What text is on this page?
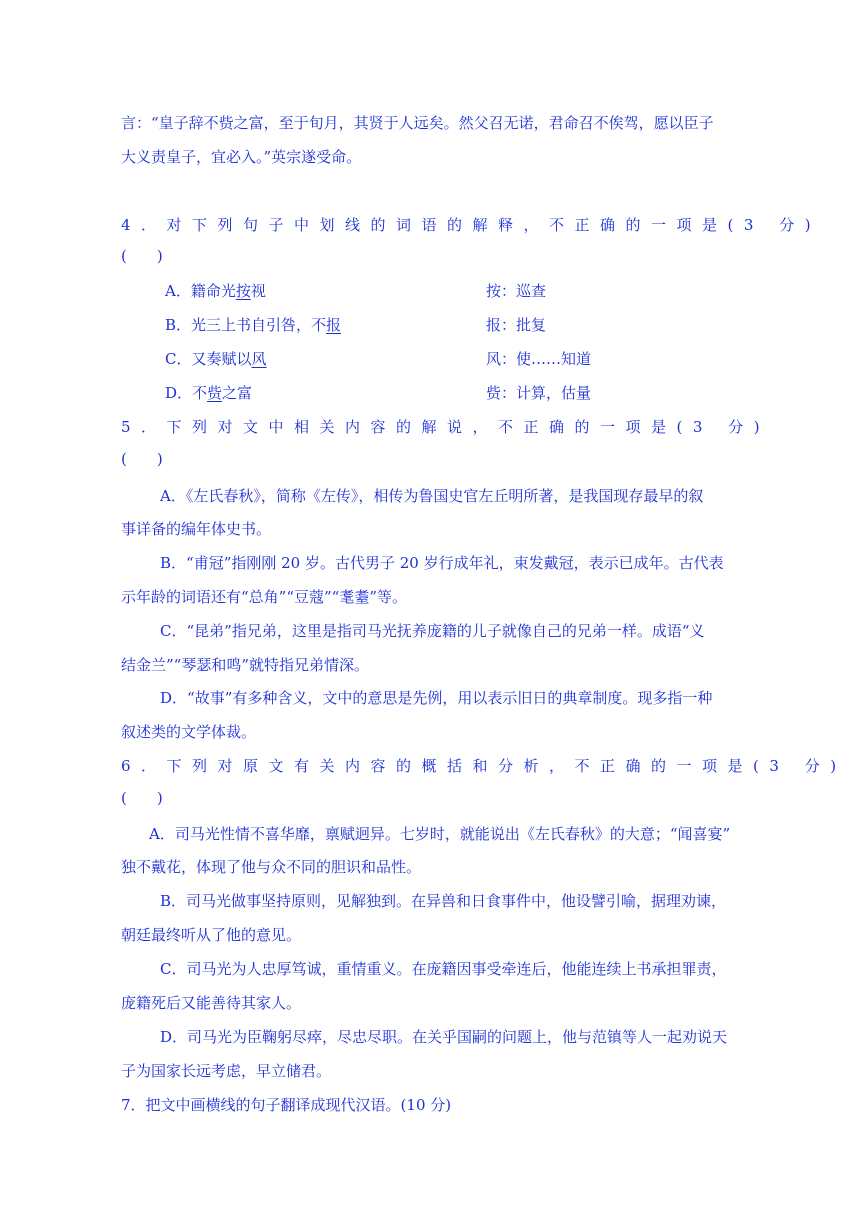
言：“皇子辞不赀之富，至于旬月，其贤于人远矣。然父召无诺，君命召不俟驾，愿以臣子
大义责皇子，宜必入。”英宗遂受命。
4．对下列句子中划线的词语的解释，不正确的一项是(3 分)
(　　)
A．籍命光按视	按：巡查
B．光三上书自引咎，不报	报：批复
C．又奏赋以风	风：使……知道
D．不赀之富	赀：计算，估量
5．下列对文中相关内容的解说，不正确的一项是(3 分)
(　　)
A．《左氏春秋》，简称《左传》，相传为鲁国史官左丘明所著，是我国现存最早的叙
事详备的编年体史书。
B．“甫冠”指刚刚 20 岁。古代男子 20 岁行成年礼，束发戴冠，表示已成年。古代表
示年龄的词语还有“总角”“豆蔻”“耄耋”等。
C．“昆弟”指兄弟，这里是指司马光抚养庞籍的儿子就像自己的兄弟一样。成语“义
结金兰”“琴瑟和鸣”就特指兄弟情深。
D．“故事”有多种含义，文中的意思是先例，用以表示旧日的典章制度。现多指一种
叙述类的文学体裁。
6．下列对原文有关内容的概括和分析，不正确的一项是(3 分)
(　　)
A．司马光性情不喜华靡，禀赋迥异。七岁时，就能说出《左氏春秋》的大意；“闻喜宴”
独不戴花，体现了他与众不同的胆识和品性。
B．司马光做事坚持原则，见解独到。在异兽和日食事件中，他设譬引喻，据理劝谏，
朝廷最终听从了他的意见。
C．司马光为人忠厚笃诚，重情重义。在庞籍因事受牵连后，他能连续上书承担罪责，
庞籍死后又能善待其家人。
D．司马光为臣鞠躬尽瘁，尽忠尽职。在关乎国嗣的问题上，他与范镇等人一起劝说天
子为国家长远考虑，早立储君。
7．把文中画横线的句子翻译成现代汉语。(10 分)
